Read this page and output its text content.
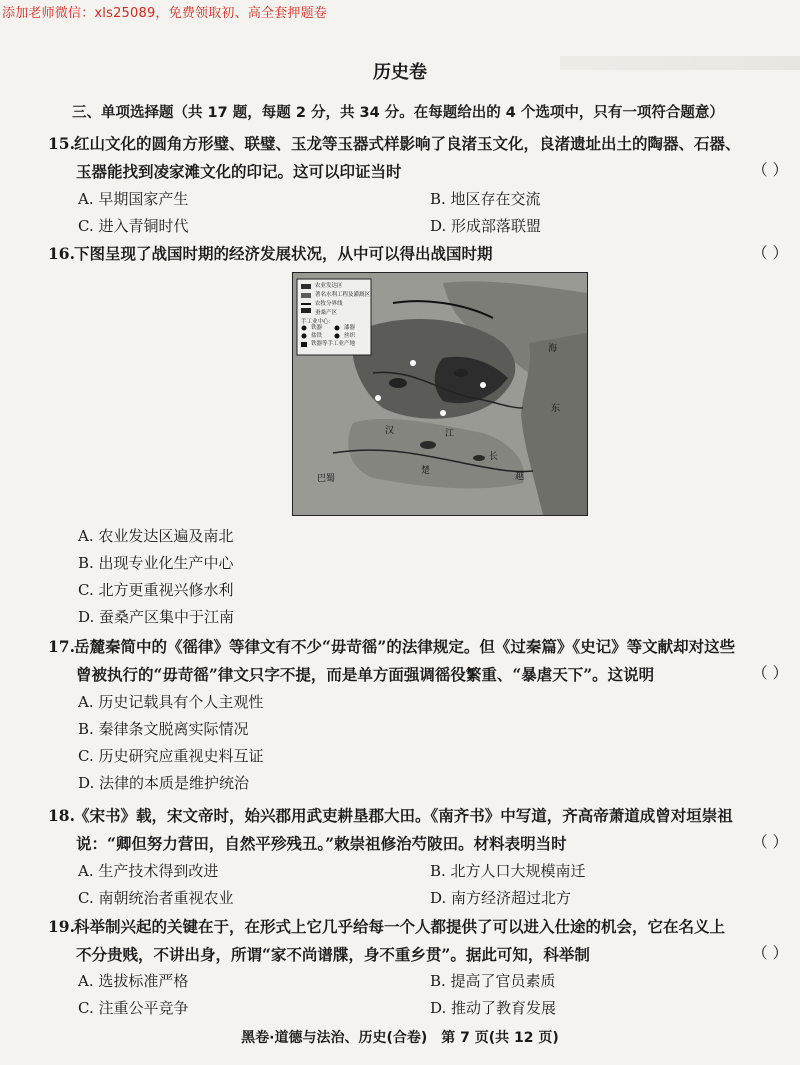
添加老师微信：xls25089，免费领取初、高全套押题卷
历史卷
三、单项选择题（共 17 题，每题 2 分，共 34 分。在每题给出的 4 个选项中，只有一项符合题意）
15.红山文化的圆角方形璧、联璧、玉龙等玉器式样影响了良渚玉文化，良渚遗址出土的陶器、石器、
玉器能找到凌家滩文化的印记。这可以印证当时	（ ）
A. 早期国家产生	B. 地区存在交流
C. 进入青铜时代	D. 形成部落联盟
16.下图呈现了战国时期的经济发展状况，从中可以得出战国时期	（ ）
农业发达区
著名水利工程及灌溉区
农牧分界线
蚕桑产区
手工业中心：
铁器	漆器

盐铁	丝织

铁器等手工业产地	海
东
江
汉
楚
越
巴蜀
长
A. 农业发达区遍及南北
B. 出现专业化生产中心
C. 北方更重视兴修水利
D. 蚕桑产区集中于江南
17.岳麓秦简中的《徭律》等律文有不少“毋苛徭”的法律规定。但《过秦篇》《史记》等文献却对这些
曾被执行的“毋苛徭”律文只字不提，而是单方面强调徭役繁重、“暴虐天下”。这说明	（ ）
A. 历史记载具有个人主观性
B. 秦律条文脱离实际情况
C. 历史研究应重视史料互证
D. 法律的本质是维护统治
18.《宋书》载，宋文帝时，始兴郡用武吏耕垦郡大田。《南齐书》中写道，齐高帝萧道成曾对垣崇祖
说：“卿但努力营田，自然平殄残丑。”敕崇祖修治芍陂田。材料表明当时	（ ）
A. 生产技术得到改进	B. 北方人口大规模南迁
C. 南朝统治者重视农业	D. 南方经济超过北方
19.科举制兴起的关键在于，在形式上它几乎给每一个人都提供了可以进入仕途的机会，它在名义上
不分贵贱，不讲出身，所谓“家不尚谱牒，身不重乡贯”。据此可知，科举制	（ ）
A. 选拔标准严格	B. 提高了官员素质
C. 注重公平竞争	D. 推动了教育发展
黑卷·道德与法治、历史(合卷)　第 7 页(共 12 页)
